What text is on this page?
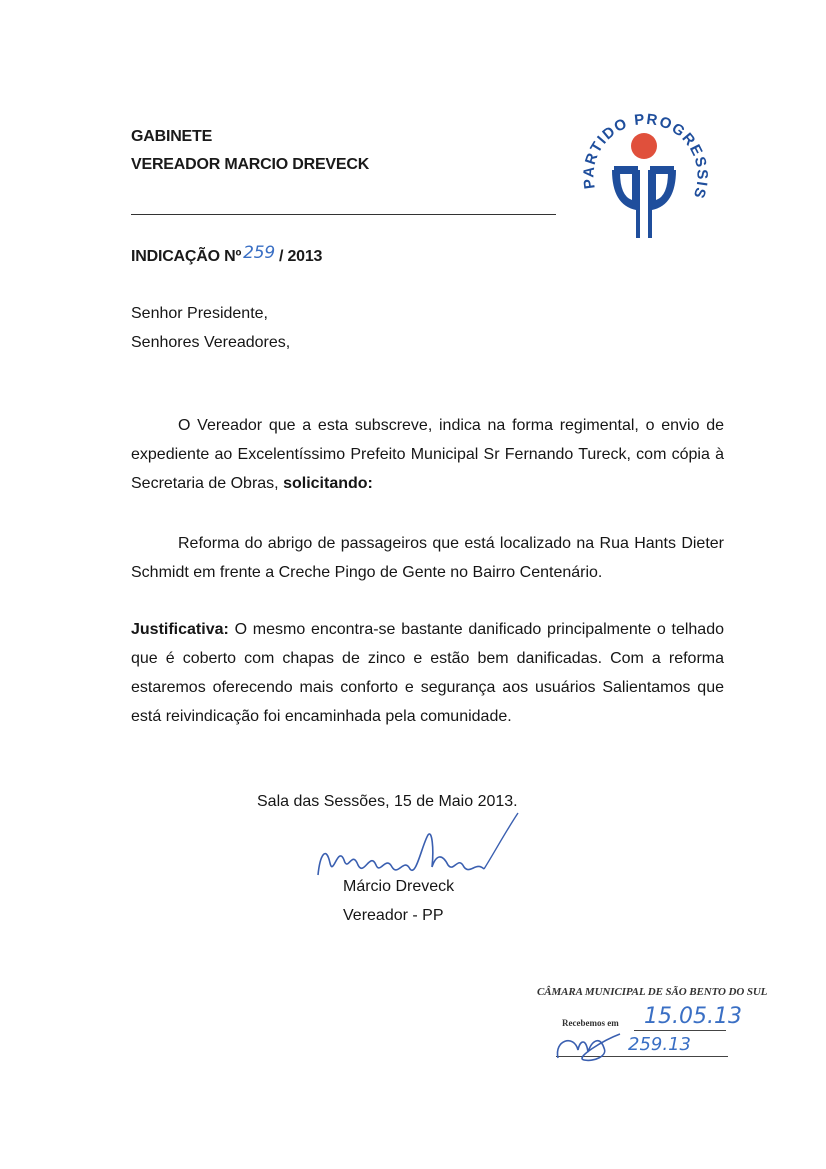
GABINETE
VEREADOR MARCIO DREVECK
PARTIDO PROGRESSIS
INDICAÇÃO Nº 259 / 2013
Senhor Presidente,
Senhores Vereadores,
O Vereador que a esta subscreve, indica na forma regimental, o envio de expediente ao Excelentíssimo Prefeito Municipal Sr Fernando Tureck, com cópia à Secretaria de Obras, solicitando:
Reforma do abrigo de passageiros que está localizado na Rua Hants Dieter Schmidt em frente a Creche Pingo de Gente no Bairro Centenário.
Justificativa: O mesmo encontra-se bastante danificado principalmente o telhado que é coberto com chapas de zinco e estão bem danificadas. Com a reforma estaremos oferecendo mais conforto e segurança aos usuários Salientamos que está reivindicação foi encaminhada pela comunidade.
Sala das Sessões, 15 de Maio 2013.
Márcio Dreveck
Vereador - PP
CÂMARA MUNICIPAL DE SÃO BENTO DO SUL
Recebemos em 15.05.13
259.13
